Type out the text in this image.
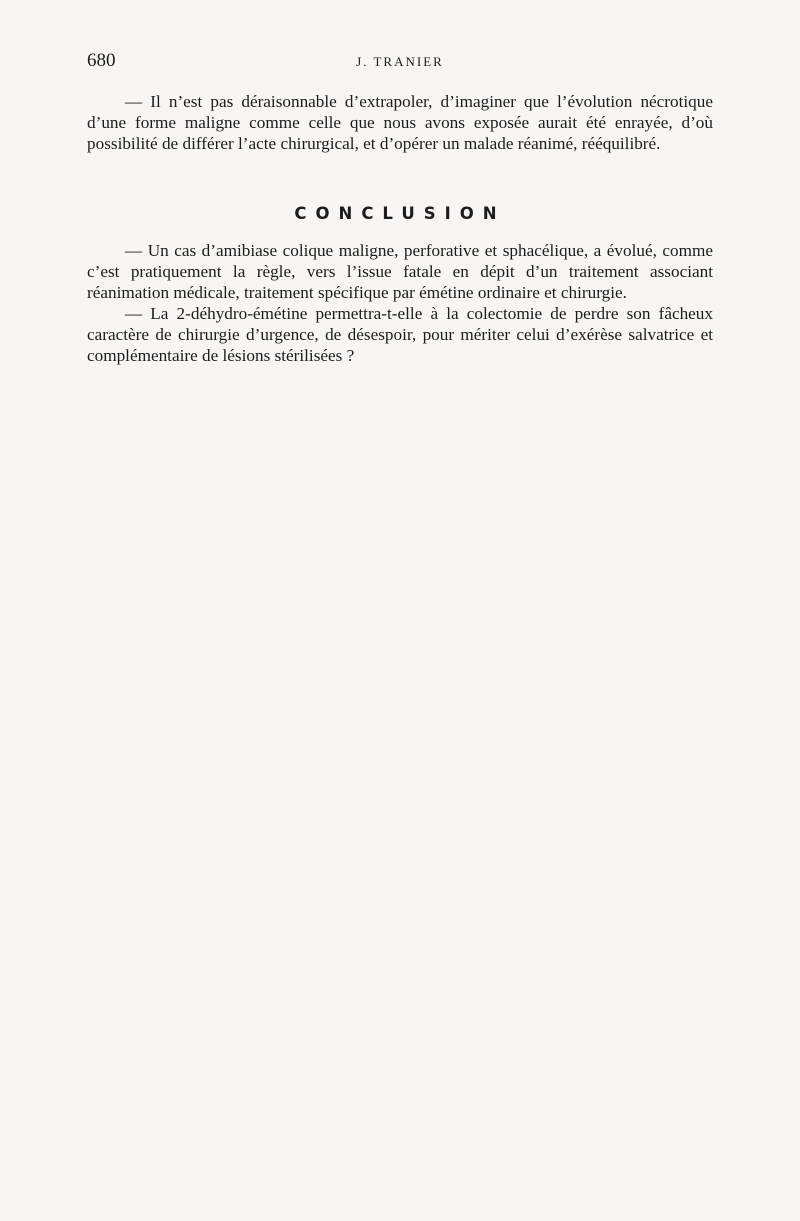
680	J. TRANIER

— Il n’est pas déraisonnable d’extrapoler, d’imaginer que l’évolution nécrotique d’une forme maligne comme celle que nous avons exposée aurait été enrayée, d’où possibilité de différer l’acte chirurgical, et d’opérer un malade réanimé, rééquilibré.

CONCLUSION

— Un cas d’amibiase colique maligne, perforative et sphacélique, a évolué, comme c’est pratiquement la règle, vers l’issue fatale en dépit d’un traitement associant réanimation médicale, traitement spécifique par émétine ordinaire et chirurgie.

— La 2-déhydro-émétine permettra-t-elle à la colectomie de perdre son fâcheux caractère de chirurgie d’urgence, de désespoir, pour mériter celui d’exérèse salvatrice et complémentaire de lésions stérilisées ?
